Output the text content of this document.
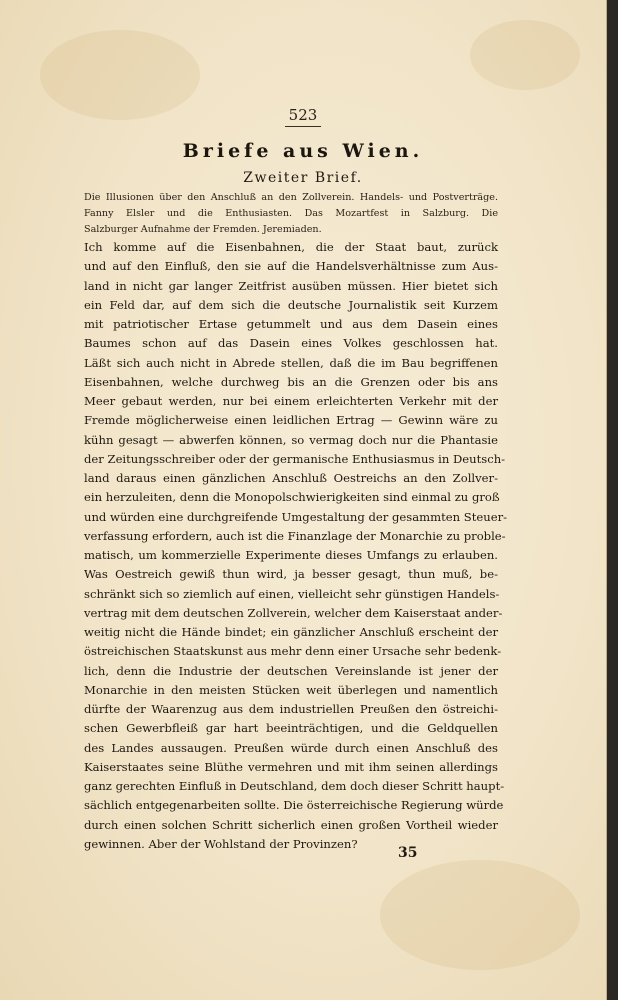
523
Briefe aus Wien.
Zweiter Brief.
Die Illusionen über den Anschluß an den Zollverein. Handels- und Postverträge.
Fanny Elsler und die Enthusiasten. Das Mozartfest in Salzburg. Die
Salzburger Aufnahme der Fremden. Jeremiaden.
Ich komme auf die Eisenbahnen, die der Staat baut, zurück
und auf den Einfluß, den sie auf die Handelsverhältnisse zum Aus-
land in nicht gar langer Zeitfrist ausüben müssen. Hier bietet sich
ein Feld dar, auf dem sich die deutsche Journalistik seit Kurzem
mit patriotischer Ertase getummelt und aus dem Dasein eines
Baumes schon auf das Dasein eines Volkes geschlossen hat.
Läßt sich auch nicht in Abrede stellen, daß die im Bau begriffenen
Eisenbahnen, welche durchweg bis an die Grenzen oder bis ans
Meer gebaut werden, nur bei einem erleichterten Verkehr mit der
Fremde möglicherweise einen leidlichen Ertrag — Gewinn wäre zu
kühn gesagt — abwerfen können, so vermag doch nur die Phantasie
der Zeitungsschreiber oder der germanische Enthusiasmus in Deutsch-
land daraus einen gänzlichen Anschluß Oestreichs an den Zollver-
ein herzuleiten, denn die Monopolschwierigkeiten sind einmal zu groß
und würden eine durchgreifende Umgestaltung der gesammten Steuer-
verfassung erfordern, auch ist die Finanzlage der Monarchie zu proble-
matisch, um kommerzielle Experimente dieses Umfangs zu erlauben.
Was Oestreich gewiß thun wird, ja besser gesagt, thun muß, be-
schränkt sich so ziemlich auf einen, vielleicht sehr günstigen Handels-
vertrag mit dem deutschen Zollverein, welcher dem Kaiserstaat ander-
weitig nicht die Hände bindet; ein gänzlicher Anschluß erscheint der
östreichischen Staatskunst aus mehr denn einer Ursache sehr bedenk-
lich, denn die Industrie der deutschen Vereinslande ist jener der
Monarchie in den meisten Stücken weit überlegen und namentlich
dürfte der Waarenzug aus dem industriellen Preußen den östreichi-
schen Gewerbfleiß gar hart beeinträchtigen, und die Geldquellen
des Landes aussaugen. Preußen würde durch einen Anschluß des
Kaiserstaates seine Blüthe vermehren und mit ihm seinen allerdings
ganz gerechten Einfluß in Deutschland, dem doch dieser Schritt haupt-
sächlich entgegenarbeiten sollte. Die österreichische Regierung würde
durch einen solchen Schritt sicherlich einen großen Vortheil wieder
gewinnen. Aber der Wohlstand der Provinzen?
35
